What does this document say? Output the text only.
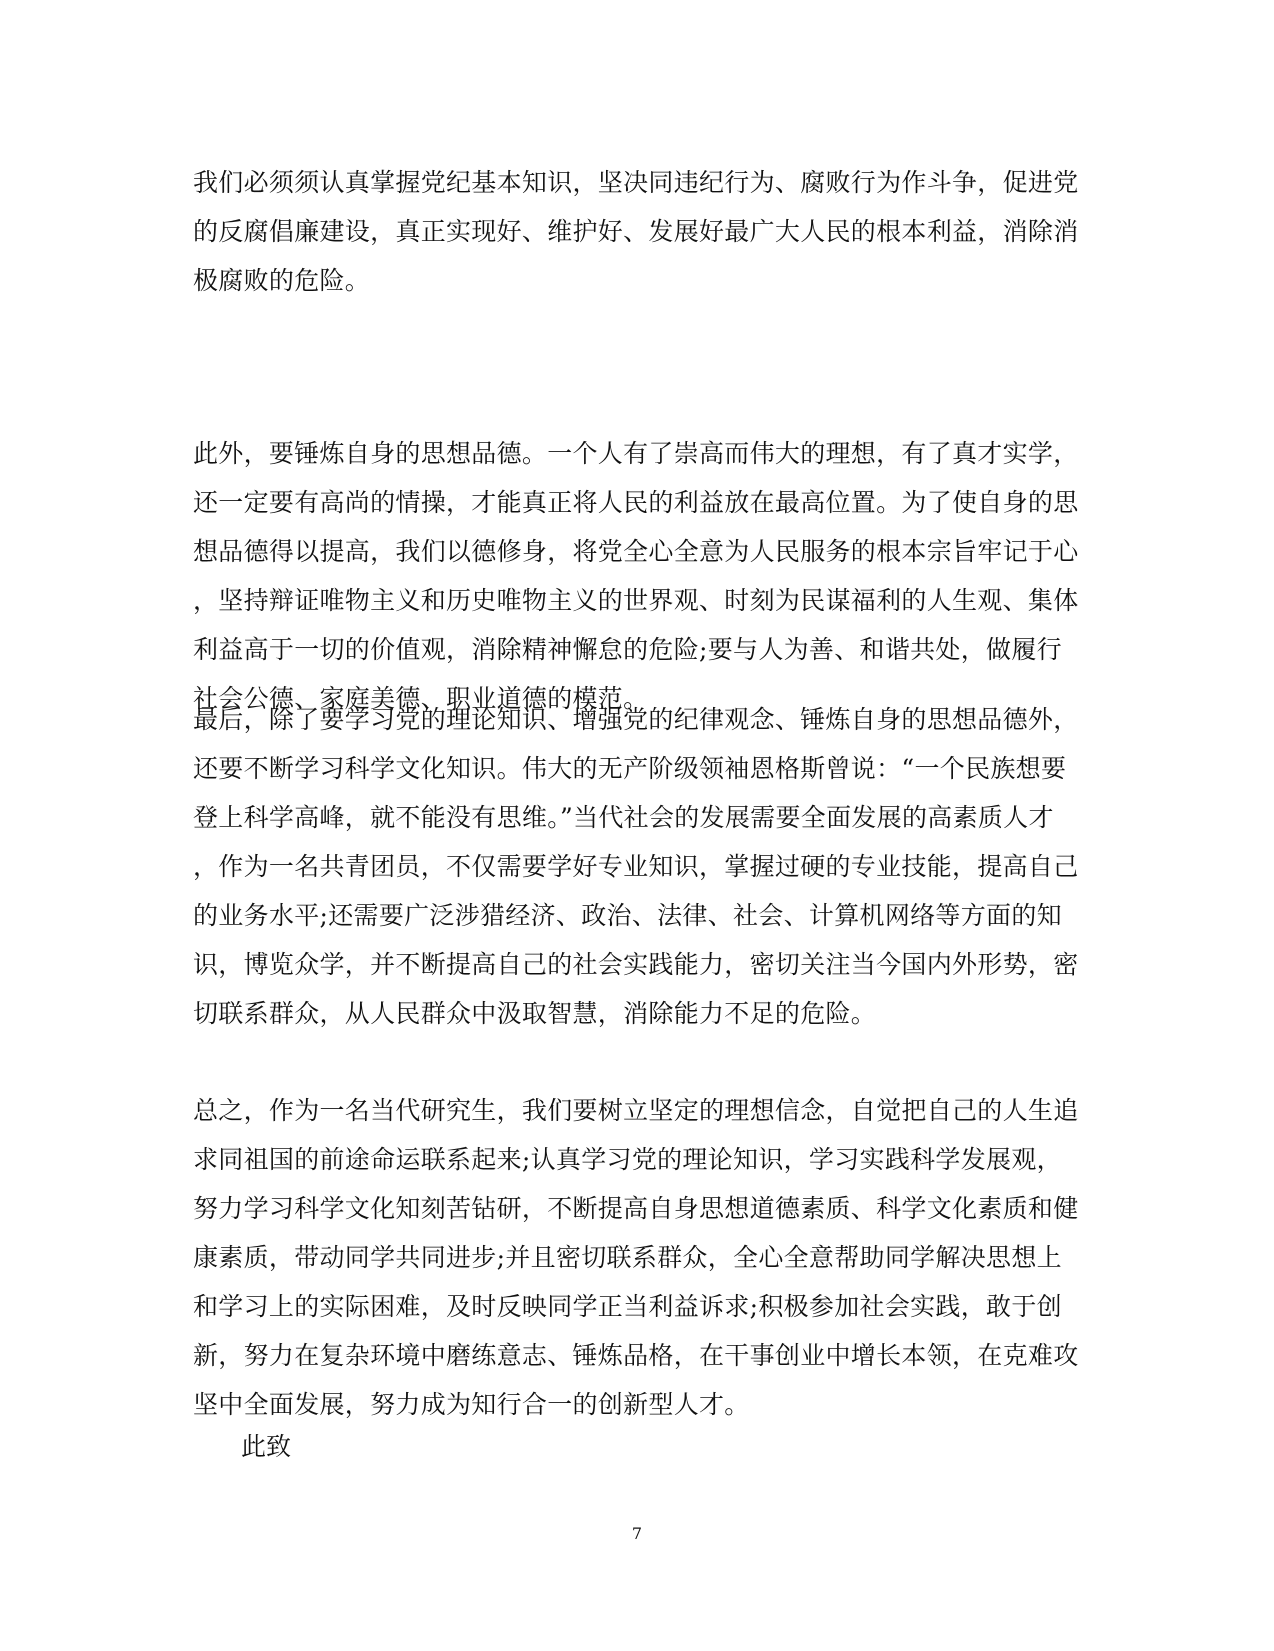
我们必须须认真掌握党纪基本知识，坚决同违纪行为、腐败行为作斗争，促进党
的反腐倡廉建设，真正实现好、维护好、发展好最广大人民的根本利益，消除消
极腐败的危险。
此外，要锤炼自身的思想品德。一个人有了崇高而伟大的理想，有了真才实学，
还一定要有高尚的情操，才能真正将人民的利益放在最高位置。为了使自身的思
想品德得以提高，我们以德修身，将党全心全意为人民服务的根本宗旨牢记于心
，坚持辩证唯物主义和历史唯物主义的世界观、时刻为民谋福利的人生观、集体
利益高于一切的价值观，消除精神懈怠的危险;要与人为善、和谐共处，做履行
社会公德、家庭美德、职业道德的模范。
最后，除了要学习党的理论知识、增强党的纪律观念、锤炼自身的思想品德外，
还要不断学习科学文化知识。伟大的无产阶级领袖恩格斯曾说：“一个民族想要
登上科学高峰，就不能没有思维。”当代社会的发展需要全面发展的高素质人才
，作为一名共青团员，不仅需要学好专业知识，掌握过硬的专业技能，提高自己
的业务水平;还需要广泛涉猎经济、政治、法律、社会、计算机网络等方面的知
识，博览众学，并不断提高自己的社会实践能力，密切关注当今国内外形势，密
切联系群众，从人民群众中汲取智慧，消除能力不足的危险。
总之，作为一名当代研究生，我们要树立坚定的理想信念，自觉把自己的人生追
求同祖国的前途命运联系起来;认真学习党的理论知识，学习实践科学发展观，
努力学习科学文化知刻苦钻研，不断提高自身思想道德素质、科学文化素质和健
康素质，带动同学共同进步;并且密切联系群众，全心全意帮助同学解决思想上
和学习上的实际困难，及时反映同学正当利益诉求;积极参加社会实践，敢于创
新，努力在复杂环境中磨练意志、锤炼品格，在干事创业中增长本领，在克难攻
坚中全面发展，努力成为知行合一的创新型人才。

此致

7
